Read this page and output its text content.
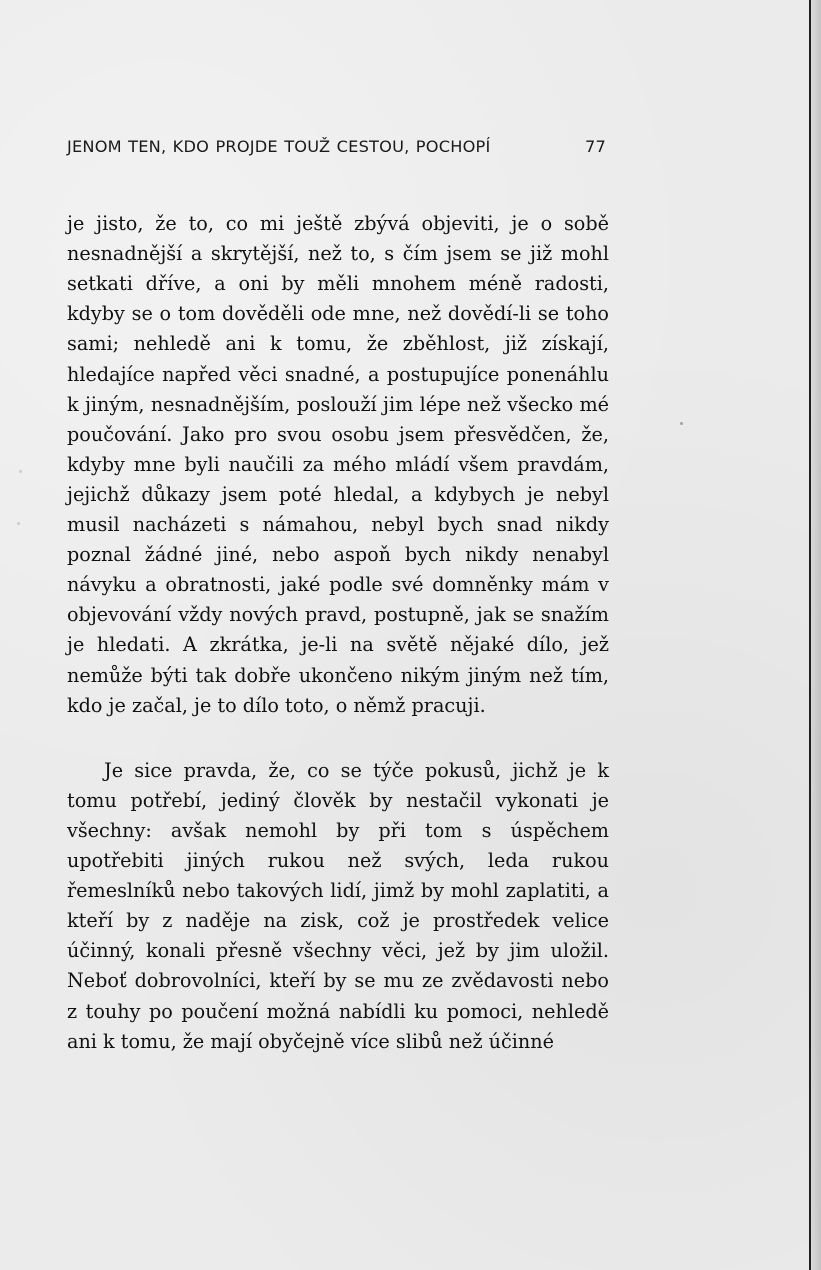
JENOM TEN, KDO PROJDE TOUŽ CESTOU, POCHOPÍ	77

je jisto, že to, co mi ještě zbývá objeviti, je o sobě nesnadnější a skrytější, než to, s čím jsem se již mohl setkati dříve, a oni by měli mnohem méně radosti, kdyby se o tom dověděli ode mne, než dovědí-li se toho sami; nehledě ani k tomu, že zběhlost, již získají, hledajíce napřed věci snadné, a postupujíce ponenáhlu k jiným, nesnadnějším, poslouží jim lépe než všecko mé poučování. Jako pro svou osobu jsem přesvědčen, že, kdyby mne byli naučili za mého mládí všem pravdám, jejichž důkazy jsem poté hledal, a kdybych je nebyl musil nacházeti s námahou, nebyl bych snad nikdy poznal žádné jiné, nebo aspoň bych nikdy nenabyl návyku a obratnosti, jaké podle své domněnky mám v objevování vždy nových pravd, postupně, jak se snažím je hledati. A zkrátka, je-li na světě nějaké dílo, jež nemůže býti tak dobře ukončeno nikým jiným než tím, kdo je začal, je to dílo toto, o němž pracuji.

Je sice pravda, že, co se týče pokusů, jichž je k tomu potřebí, jediný člověk by nestačil vykonati je všechny: avšak nemohl by při tom s úspěchem upotřebiti jiných rukou než svých, leda rukou řemeslníků nebo takových lidí, jimž by mohl zaplatiti, a kteří by z naděje na zisk, což je prostředek velice účinný, konali přesně všechny věci, jež by jim uložil. Neboť dobrovolníci, kteří by se mu ze zvědavosti nebo z touhy po poučení možná nabídli ku pomoci, nehledě ani k tomu, že mají obyčejně více slibů než účinné
